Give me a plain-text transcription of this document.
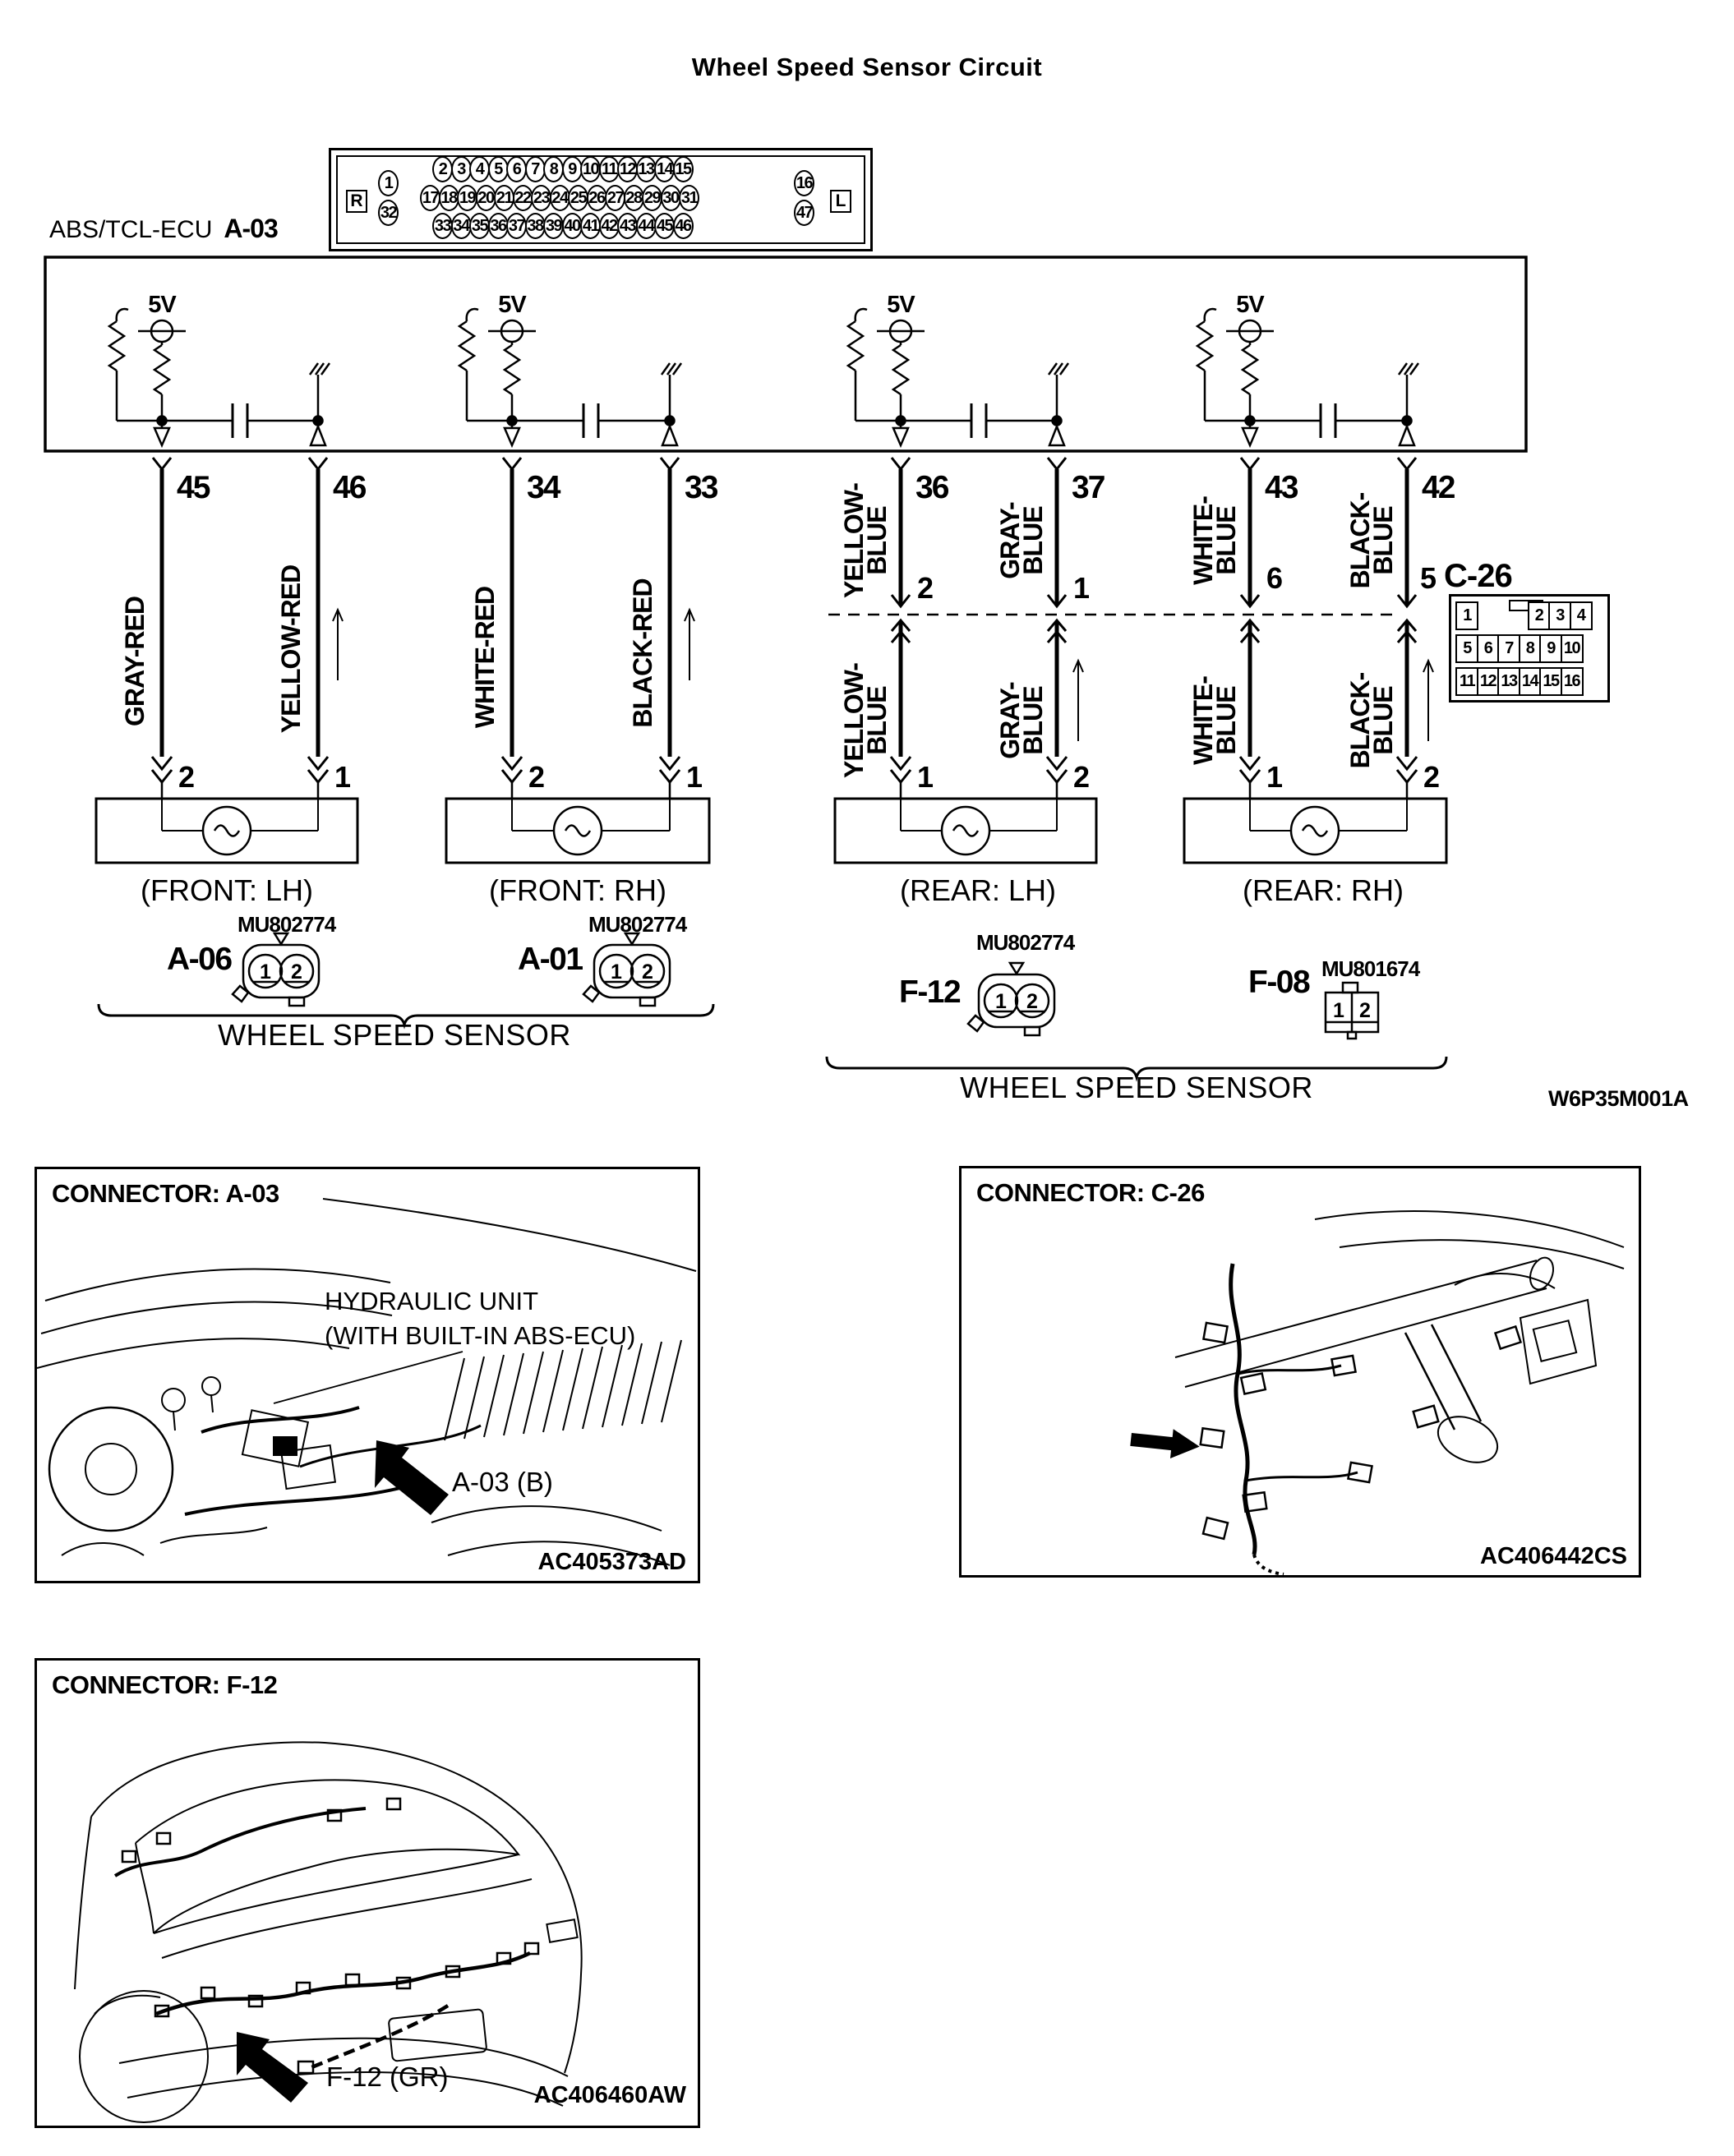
Wheel Speed Sensor Circuit
R	L
1
32
16
47
2 3 4 5 6 7 8 9 10 11 12 13 14 15
17 18 19 20 21 22 23 24 25 26 27 28 29 30 31
33 34 35 36 37 38 39 40 41 42 43 44 45 46
ABS/TCL-ECU A-03
5V	5V	5V	5V
45	46	34	33	36	37	43	42
GRAY-RED	YELLOW-RED	WHITE-RED	BLACK-RED
YELLOW-
BLUE	GRAY-
BLUE	WHITE-
BLUE	BLACK-
BLUE
YELLOW-
BLUE	GRAY-
BLUE	WHITE-
BLUE	BLACK-
BLUE
2	1	6	5 C-26
2	1	2	1	1	2	1	2
(FRONT: LH)	(FRONT: RH)	(REAR: LH)	(REAR: RH)
A-06
MU802774
A-01
MU802774
F-12
MU802774
F-08 MU801674
1 2	1 2
1 2	1 2
WHEEL SPEED SENSOR
WHEEL SPEED SENSOR
1	2 3 4
5 6 7 8 9 10
11 12 13 14 15 16
W6P35M001A
CONNECTOR: A-03
HYDRAULIC UNIT
(WITH BUILT-IN ABS-ECU)
A-03 (B)
AC405373AD
CONNECTOR: C-26
AC406442CS
CONNECTOR: F-12
F-12 (GR)
AC406460AW
